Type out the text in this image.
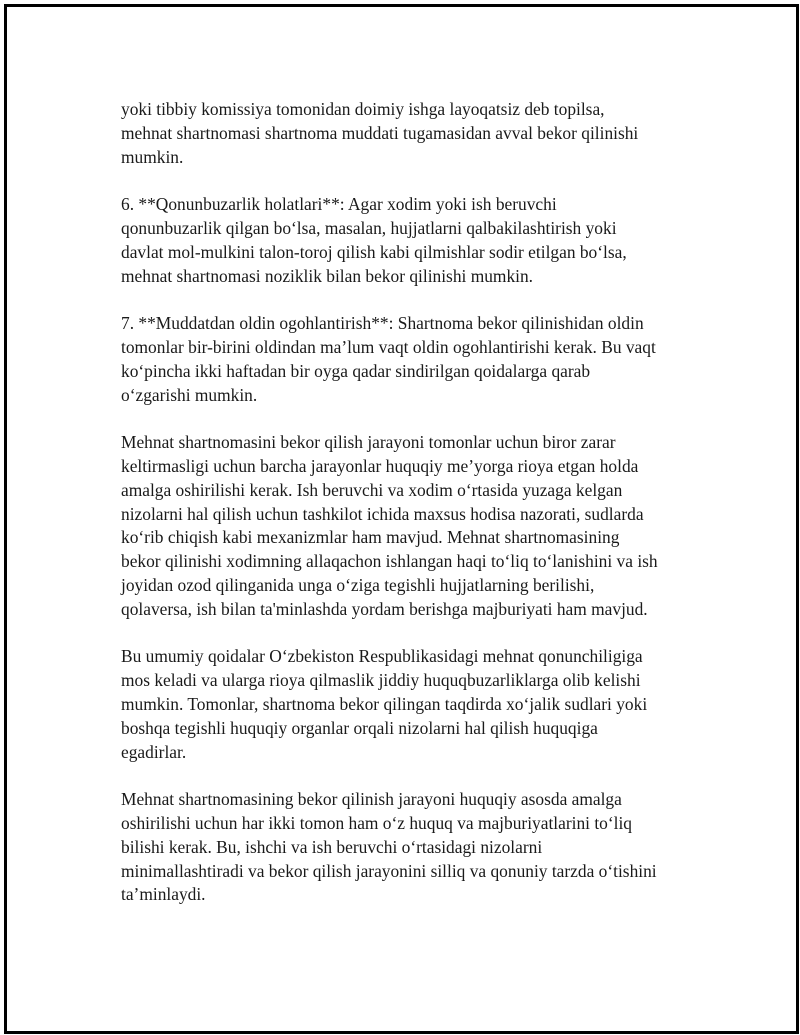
yoki tibbiy komissiya tomonidan doimiy ishga layoqatsiz deb topilsa,
mehnat shartnomasi shartnoma muddati tugamasidan avval bekor qilinishi
mumkin.

6. **Qonunbuzarlik holatlari**: Agar xodim yoki ish beruvchi
qonunbuzarlik qilgan bo‘lsa, masalan, hujjatlarni qalbakilashtirish yoki
davlat mol-mulkini talon-toroj qilish kabi qilmishlar sodir etilgan bo‘lsa,
mehnat shartnomasi noziklik bilan bekor qilinishi mumkin.

7. **Muddatdan oldin ogohlantirish**: Shartnoma bekor qilinishidan oldin
tomonlar bir-birini oldindan ma’lum vaqt oldin ogohlantirishi kerak. Bu vaqt
ko‘pincha ikki haftadan bir oyga qadar sindirilgan qoidalarga qarab
o‘zgarishi mumkin.

Mehnat shartnomasini bekor qilish jarayoni tomonlar uchun biror zarar
keltirmasligi uchun barcha jarayonlar huquqiy me’yorga rioya etgan holda
amalga oshirilishi kerak. Ish beruvchi va xodim o‘rtasida yuzaga kelgan
nizolarni hal qilish uchun tashkilot ichida maxsus hodisa nazorati, sudlarda
ko‘rib chiqish kabi mexanizmlar ham mavjud. Mehnat shartnomasining
bekor qilinishi xodimning allaqachon ishlangan haqi to‘liq to‘lanishini va ish
joyidan ozod qilinganida unga o‘ziga tegishli hujjatlarning berilishi,
qolaversa, ish bilan ta'minlashda yordam berishga majburiyati ham mavjud.

Bu umumiy qoidalar O‘zbekiston Respublikasidagi mehnat qonunchiligiga
mos keladi va ularga rioya qilmaslik jiddiy huquqbuzarliklarga olib kelishi
mumkin. Tomonlar, shartnoma bekor qilingan taqdirda xo‘jalik sudlari yoki
boshqa tegishli huquqiy organlar orqali nizolarni hal qilish huquqiga
egadirlar.

Mehnat shartnomasining bekor qilinish jarayoni huquqiy asosda amalga
oshirilishi uchun har ikki tomon ham o‘z huquq va majburiyatlarini to‘liq
bilishi kerak. Bu, ishchi va ish beruvchi o‘rtasidagi nizolarni
minimallashtiradi va bekor qilish jarayonini silliq va qonuniy tarzda o‘tishini
ta’minlaydi.
